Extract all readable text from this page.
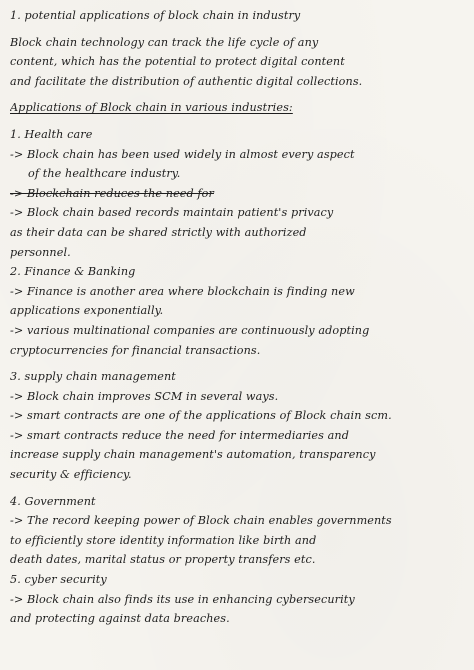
1. potential applications of block chain in industry
Block chain technology can track the life cycle of any
content, which has the potential to protect digital content
and facilitate the distribution of authentic digital collections.
Applications of Block chain in various industries:
1. Health care
-> Block chain has been used widely in almost every aspect
of the healthcare industry.
-> Blockchain reduces the need for
-> Block chain based records maintain patient's privacy
as their data can be shared strictly with authorized
personnel.
2. Finance & Banking
-> Finance is another area where blockchain is finding new
applications exponentially.
-> various multinational companies are continuously adopting
cryptocurrencies for financial transactions.
3. supply chain management
-> Block chain improves SCM in several ways.
-> smart contracts are one of the applications of Block chain scm.
-> smart contracts reduce the need for intermediaries and
increase supply chain management's automation, transparency
security & efficiency.
4. Government
-> The record keeping power of Block chain enables governments
to efficiently store identity information like birth and
death dates, marital status or property transfers etc.
5. cyber security
-> Block chain also finds its use in enhancing cybersecurity
and protecting against data breaches.
